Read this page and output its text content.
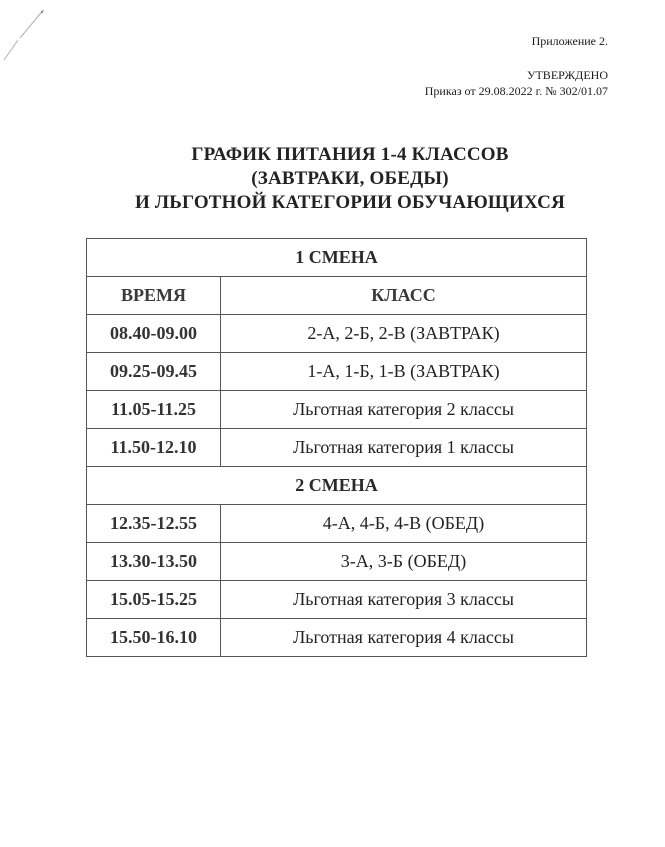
Приложение 2.
УТВЕРЖДЕНО
Приказ от 29.08.2022 г. № 302/01.07
ГРАФИК ПИТАНИЯ 1-4 КЛАССОВ
(ЗАВТРАКИ, ОБЕДЫ)
И ЛЬГОТНОЙ КАТЕГОРИИ ОБУЧАЮЩИХСЯ
1 СМЕНА	
ВРЕМЯ	КЛАСС
08.40-09.00	2-А, 2-Б, 2-В (ЗАВТРАК)
09.25-09.45	1-А, 1-Б, 1-В (ЗАВТРАК)
11.05-11.25	Льготная категория 2 классы
11.50-12.10	Льготная категория 1 классы
2 СМЕНА	
12.35-12.55	4-А, 4-Б, 4-В (ОБЕД)
13.30-13.50	3-А, 3-Б (ОБЕД)
15.05-15.25	Льготная категория 3 классы
15.50-16.10	Льготная категория 4 классы
